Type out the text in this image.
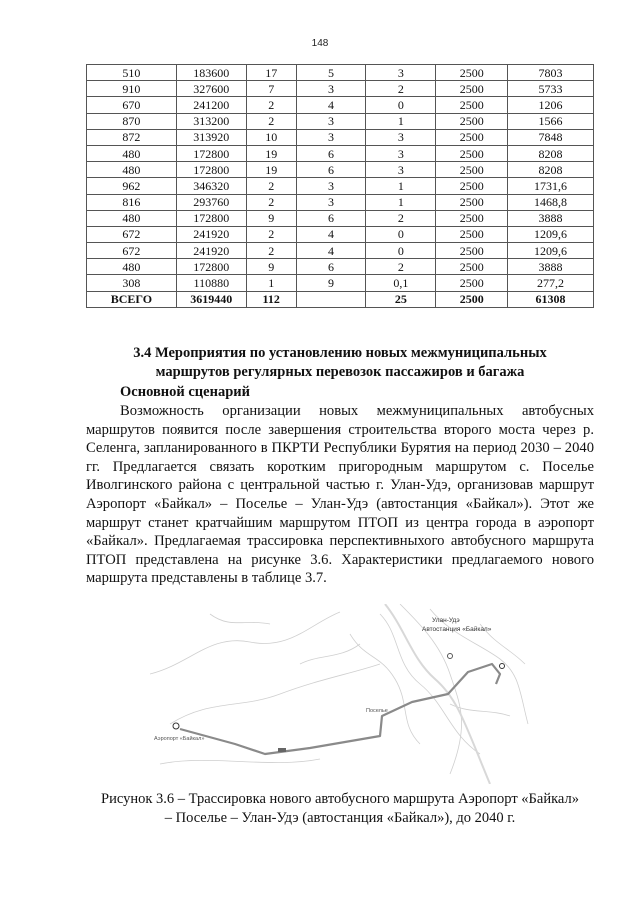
148
510	183600	17	5	3	2500	7803
910	327600	7	3	2	2500	5733
670	241200	2	4	0	2500	1206
870	313200	2	3	1	2500	1566
872	313920	10	3	3	2500	7848
480	172800	19	6	3	2500	8208
480	172800	19	6	3	2500	8208
962	346320	2	3	1	2500	1731,6
816	293760	2	3	1	2500	1468,8
480	172800	9	6	2	2500	3888
672	241920	2	4	0	2500	1209,6
672	241920	2	4	0	2500	1209,6
480	172800	9	6	2	2500	3888
308	110880	1	9	0,1	2500	277,2
ВСЕГО	3619440	112		25	2500	61308
3.4 Мероприятия по установлению новых межмуниципальных
маршрутов регулярных перевозок пассажиров и багажа
Основной сценарий

Возможность организации новых межмуниципальных автобусных маршрутов появится после завершения строительства второго моста через р. Селенга, запланированного в ПКРТИ Республики Бурятия на период 2030 – 2040 гг. Предлагается связать коротким пригородным маршрутом с. Поселье Иволгинского района с центральной частью г. Улан-Удэ, организовав маршрут Аэропорт «Байкал» – Поселье – Улан-Удэ (автостанция «Байкал»). Этот же маршрут станет кратчайшим маршрутом ПТОП из центра города в аэропорт «Байкал». Предлагаемая трассировка перспективныхого автобусного маршрута ПТОП представлена на рисунке 3.6. Характеристики предлагаемого нового маршрута представлены в таблице 3.7.

Улан-Удэ
Автостанция «Байкал»
Поселье
Аэропорт «Байкал»
Рисунок 3.6 – Трассировка нового автобусного маршрута Аэропорт «Байкал»
– Поселье – Улан-Удэ (автостанция «Байкал»), до 2040 г.
